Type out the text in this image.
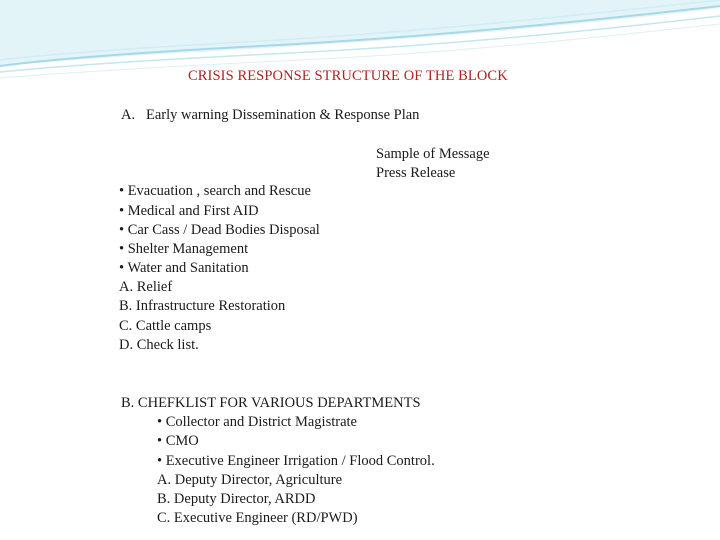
CRISIS RESPONSE STRUCTURE OF THE BLOCK
A.   Early warning Dissemination & Response Plan
Sample of Message
Press Release
• Evacuation , search and Rescue
• Medical and First AID
• Car Cass / Dead Bodies Disposal
• Shelter Management
• Water and Sanitation
A. Relief
B. Infrastructure Restoration
C. Cattle camps
D. Check list.
B. CHEFKLIST FOR VARIOUS DEPARTMENTS
• Collector and District Magistrate
• CMO
• Executive Engineer Irrigation / Flood Control.
A. Deputy Director, Agriculture
B. Deputy Director, ARDD
C. Executive Engineer (RD/PWD)
